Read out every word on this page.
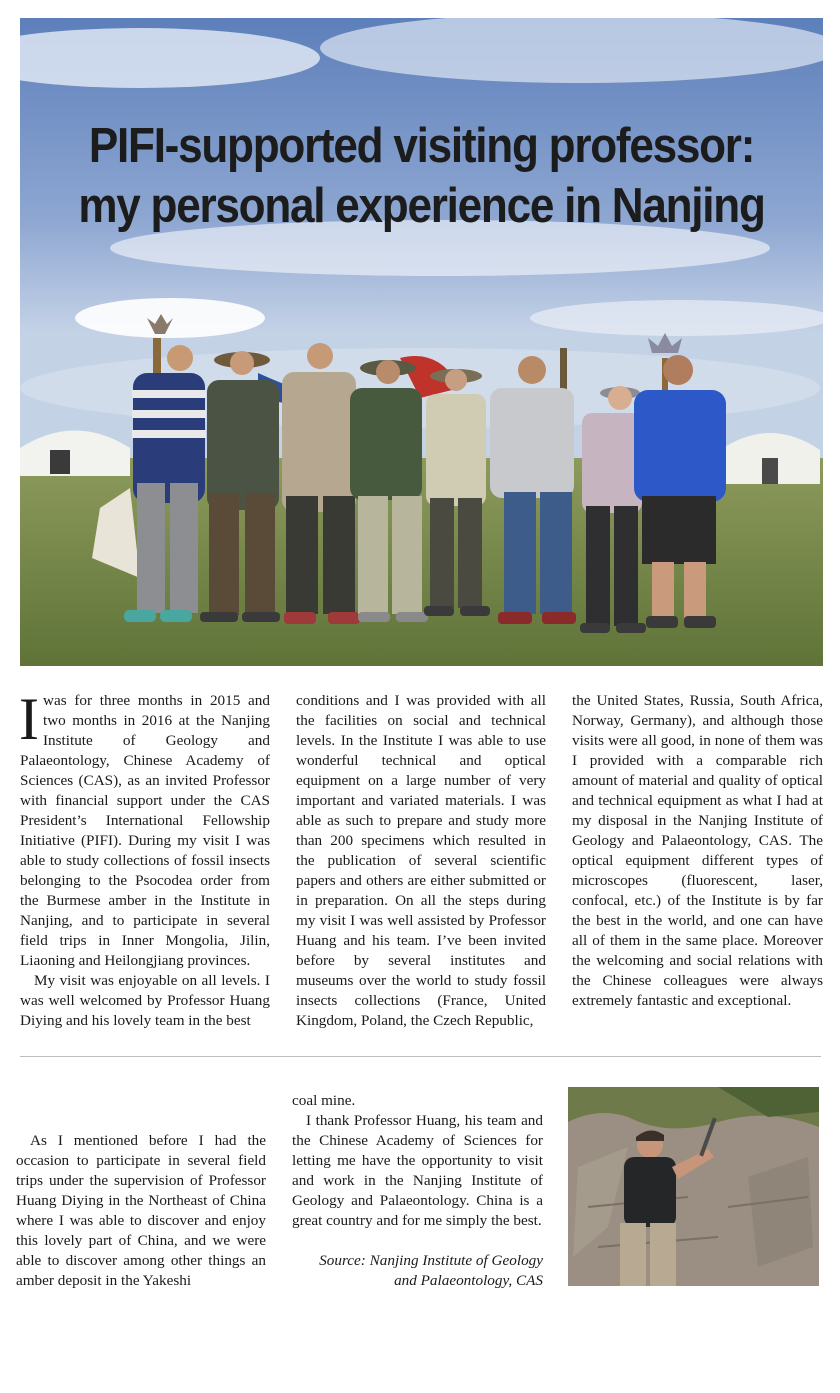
PIFI-supported visiting professor:
my personal experience in Nanjing

Iwas for three months in 2015 and two months in 2016 at the Nanjing Institute of Geology and Palaeontology, Chinese Academy of Sciences (CAS), as an invited Professor with financial support under the CAS President’s International Fellowship Initiative (PIFI). During my visit I was able to study collections of fossil insects belonging to the Psocodea order from the Burmese amber in the Institute in Nanjing, and to participate in several field trips in Inner Mongolia, Jilin, Liaoning and Heilongjiang provinces.

My visit was enjoyable on all levels. I was well welcomed by Professor Huang Diying and his lovely team in the best

conditions and I was provided with all the facilities on social and technical levels. In the Institute I was able to use wonderful technical and optical equipment on a large number of very important and variated materials. I was able as such to prepare and study more than 200 specimens which resulted in the publication of several scientific papers and others are either submitted or in preparation. On all the steps during my visit I was well assisted by Professor Huang and his team. I’ve been invited before by several institutes and museums over the world to study fossil insects collections (France, United Kingdom, Poland, the Czech Republic,

the United States, Russia, South Africa, Norway, Germany), and although those visits were all good, in none of them was I provided with a comparable rich amount of material and quality of optical and technical equipment as what I had at my disposal in the Nanjing Institute of Geology and Palaeontology, CAS. The optical equipment different types of microscopes (fluorescent, laser, confocal, etc.) of the Institute is by far the best in the world, and one can have all of them in the same place. Moreover the welcoming and social relations with the Chinese colleagues were always extremely fantastic and exceptional.

As I mentioned before I had the occasion to participate in several field trips under the supervision of Professor Huang Diying in the Northeast of China where I was able to discover and enjoy this lovely part of China, and we were able to discover among other things an amber deposit in the Yakeshi

coal mine.

I thank Professor Huang, his team and the Chinese Academy of Sciences for letting me have the opportunity to visit and work in the Nanjing Institute of Geology and Palaeontology. China is a great country and for me simply the best.

Source: Nanjing Institute of Geology
and Palaeontology, CAS
